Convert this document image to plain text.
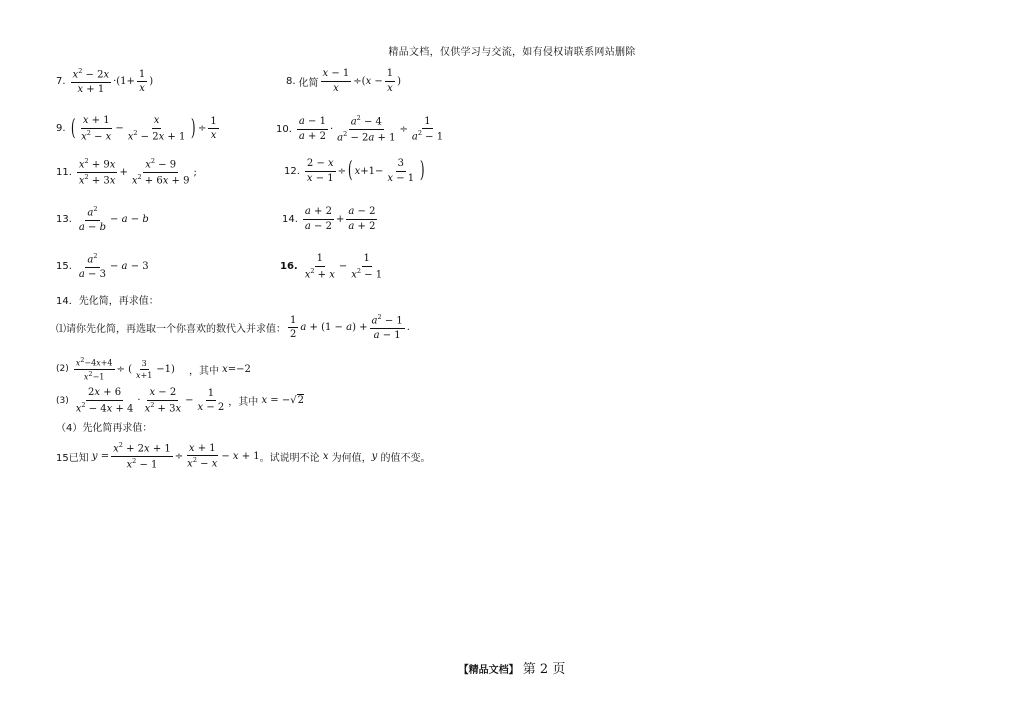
精品文档，仅供学习与交流，如有侵权请联系网站删除
7. $\frac{x^2 - 2x}{x + 1} \cdot(1+ \frac{1}{x}$ )	8. 化简 $\frac{x - 1}{x} \div(x - \frac{1}{x}$ )
9. ( $\frac{x + 1}{x^2 - x} - \frac{x}{x^2 - 2x + 1}$ ) ÷ $\frac{1}{x}$	10. $\frac{a - 1}{a + 2} \cdot \frac{a^2 - 4}{a^2 - 2a + 1} \div \frac{1}{a^2 - 1}$
11. $\frac{x^2 + 9x}{x^2 + 3x} + \frac{x^2 - 9}{x^2 + 6x + 9}$ ;	12. $\frac{2 - x}{x - 1}$ ÷ ( $x+1- \frac{3}{x - 1}$ )
13. $\frac{a^2}{a - b} - a - b$	14. $\frac{a + 2}{a - 2} + \frac{a - 2}{a + 2}$
15. $\frac{a^2}{a - 3} - a - 3$	16. $\frac{1}{x^2 + x} - \frac{1}{x^2 - 1}$
14．先化简，再求值：
⑴请你先化简，再选取一个你喜欢的数代入并求值： $\frac{1}{2}$ $a + (1 - a) + \frac{a^2 - 1}{a - 1}$ .
$(2) \frac{x^2-4x+4}{x^2-1}$ ÷ ( $\frac{3}{x+1} -1$) ，其中 x=−2
$(3) \frac{2x + 6}{x^2 - 4x + 4} \cdot \frac{x - 2}{x^2 + 3x} - \frac{1}{x - 2}$ ，其中 x = −√2
（4）先化简再求值：
15已知 $y = \frac{x^2 + 2x + 1}{x^2 - 1} \div \frac{x + 1}{x^2 - x} - x + 1$ 。试说明不论 x 为何值， y 的值不变。
【精品文档】 第 2 页
